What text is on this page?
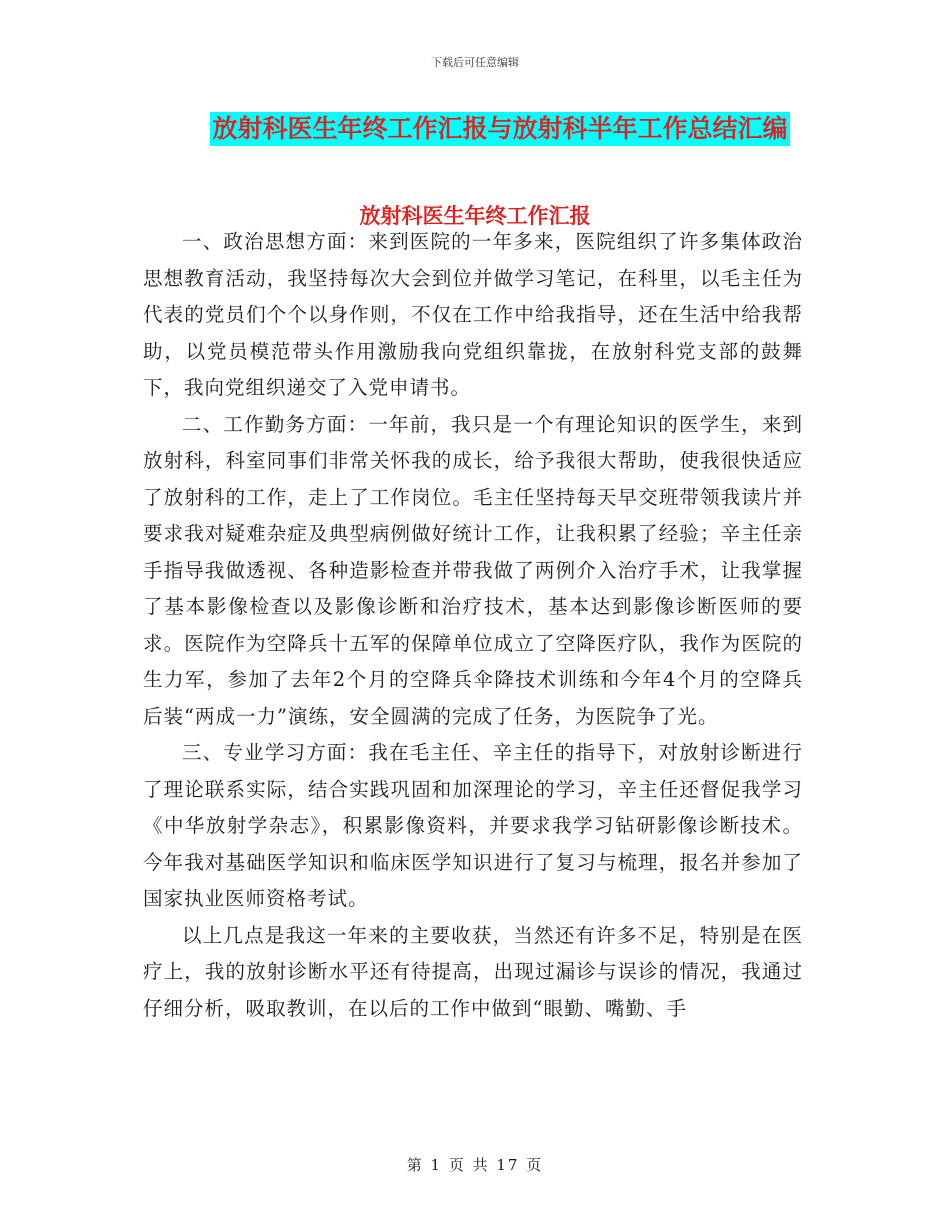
下载后可任意编辑
放射科医生年终工作汇报与放射科半年工作总结汇编
放射科医生年终工作汇报

一、政治思想方面：来到医院的一年多来，医院组织了许多集体政治思想教育活动，我坚持每次大会到位并做学习笔记，在科里，以毛主任为代表的党员们个个以身作则，不仅在工作中给我指导，还在生活中给我帮助，以党员模范带头作用激励我向党组织靠拢，在放射科党支部的鼓舞下，我向党组织递交了入党申请书。

二、工作勤务方面：一年前，我只是一个有理论知识的医学生，来到放射科，科室同事们非常关怀我的成长，给予我很大帮助，使我很快适应了放射科的工作，走上了工作岗位。毛主任坚持每天早交班带领我读片并要求我对疑难杂症及典型病例做好统计工作，让我积累了经验；辛主任亲手指导我做透视、各种造影检查并带我做了两例介入治疗手术，让我掌握了基本影像检查以及影像诊断和治疗技术，基本达到影像诊断医师的要求。医院作为空降兵十五军的保障单位成立了空降医疗队，我作为医院的生力军，参加了去年2个月的空降兵伞降技术训练和今年4个月的空降兵后装“两成一力”演练，安全圆满的完成了任务，为医院争了光。

三、专业学习方面：我在毛主任、辛主任的指导下，对放射诊断进行了理论联系实际，结合实践巩固和加深理论的学习，辛主任还督促我学习《中华放射学杂志》，积累影像资料，并要求我学习钻研影像诊断技术。今年我对基础医学知识和临床医学知识进行了复习与梳理，报名并参加了国家执业医师资格考试。

以上几点是我这一年来的主要收获，当然还有许多不足，特别是在医疗上，我的放射诊断水平还有待提高，出现过漏诊与误诊的情况，我通过仔细分析，吸取教训，在以后的工作中做到“眼勤、嘴勤、手

第 1 页 共 17 页
